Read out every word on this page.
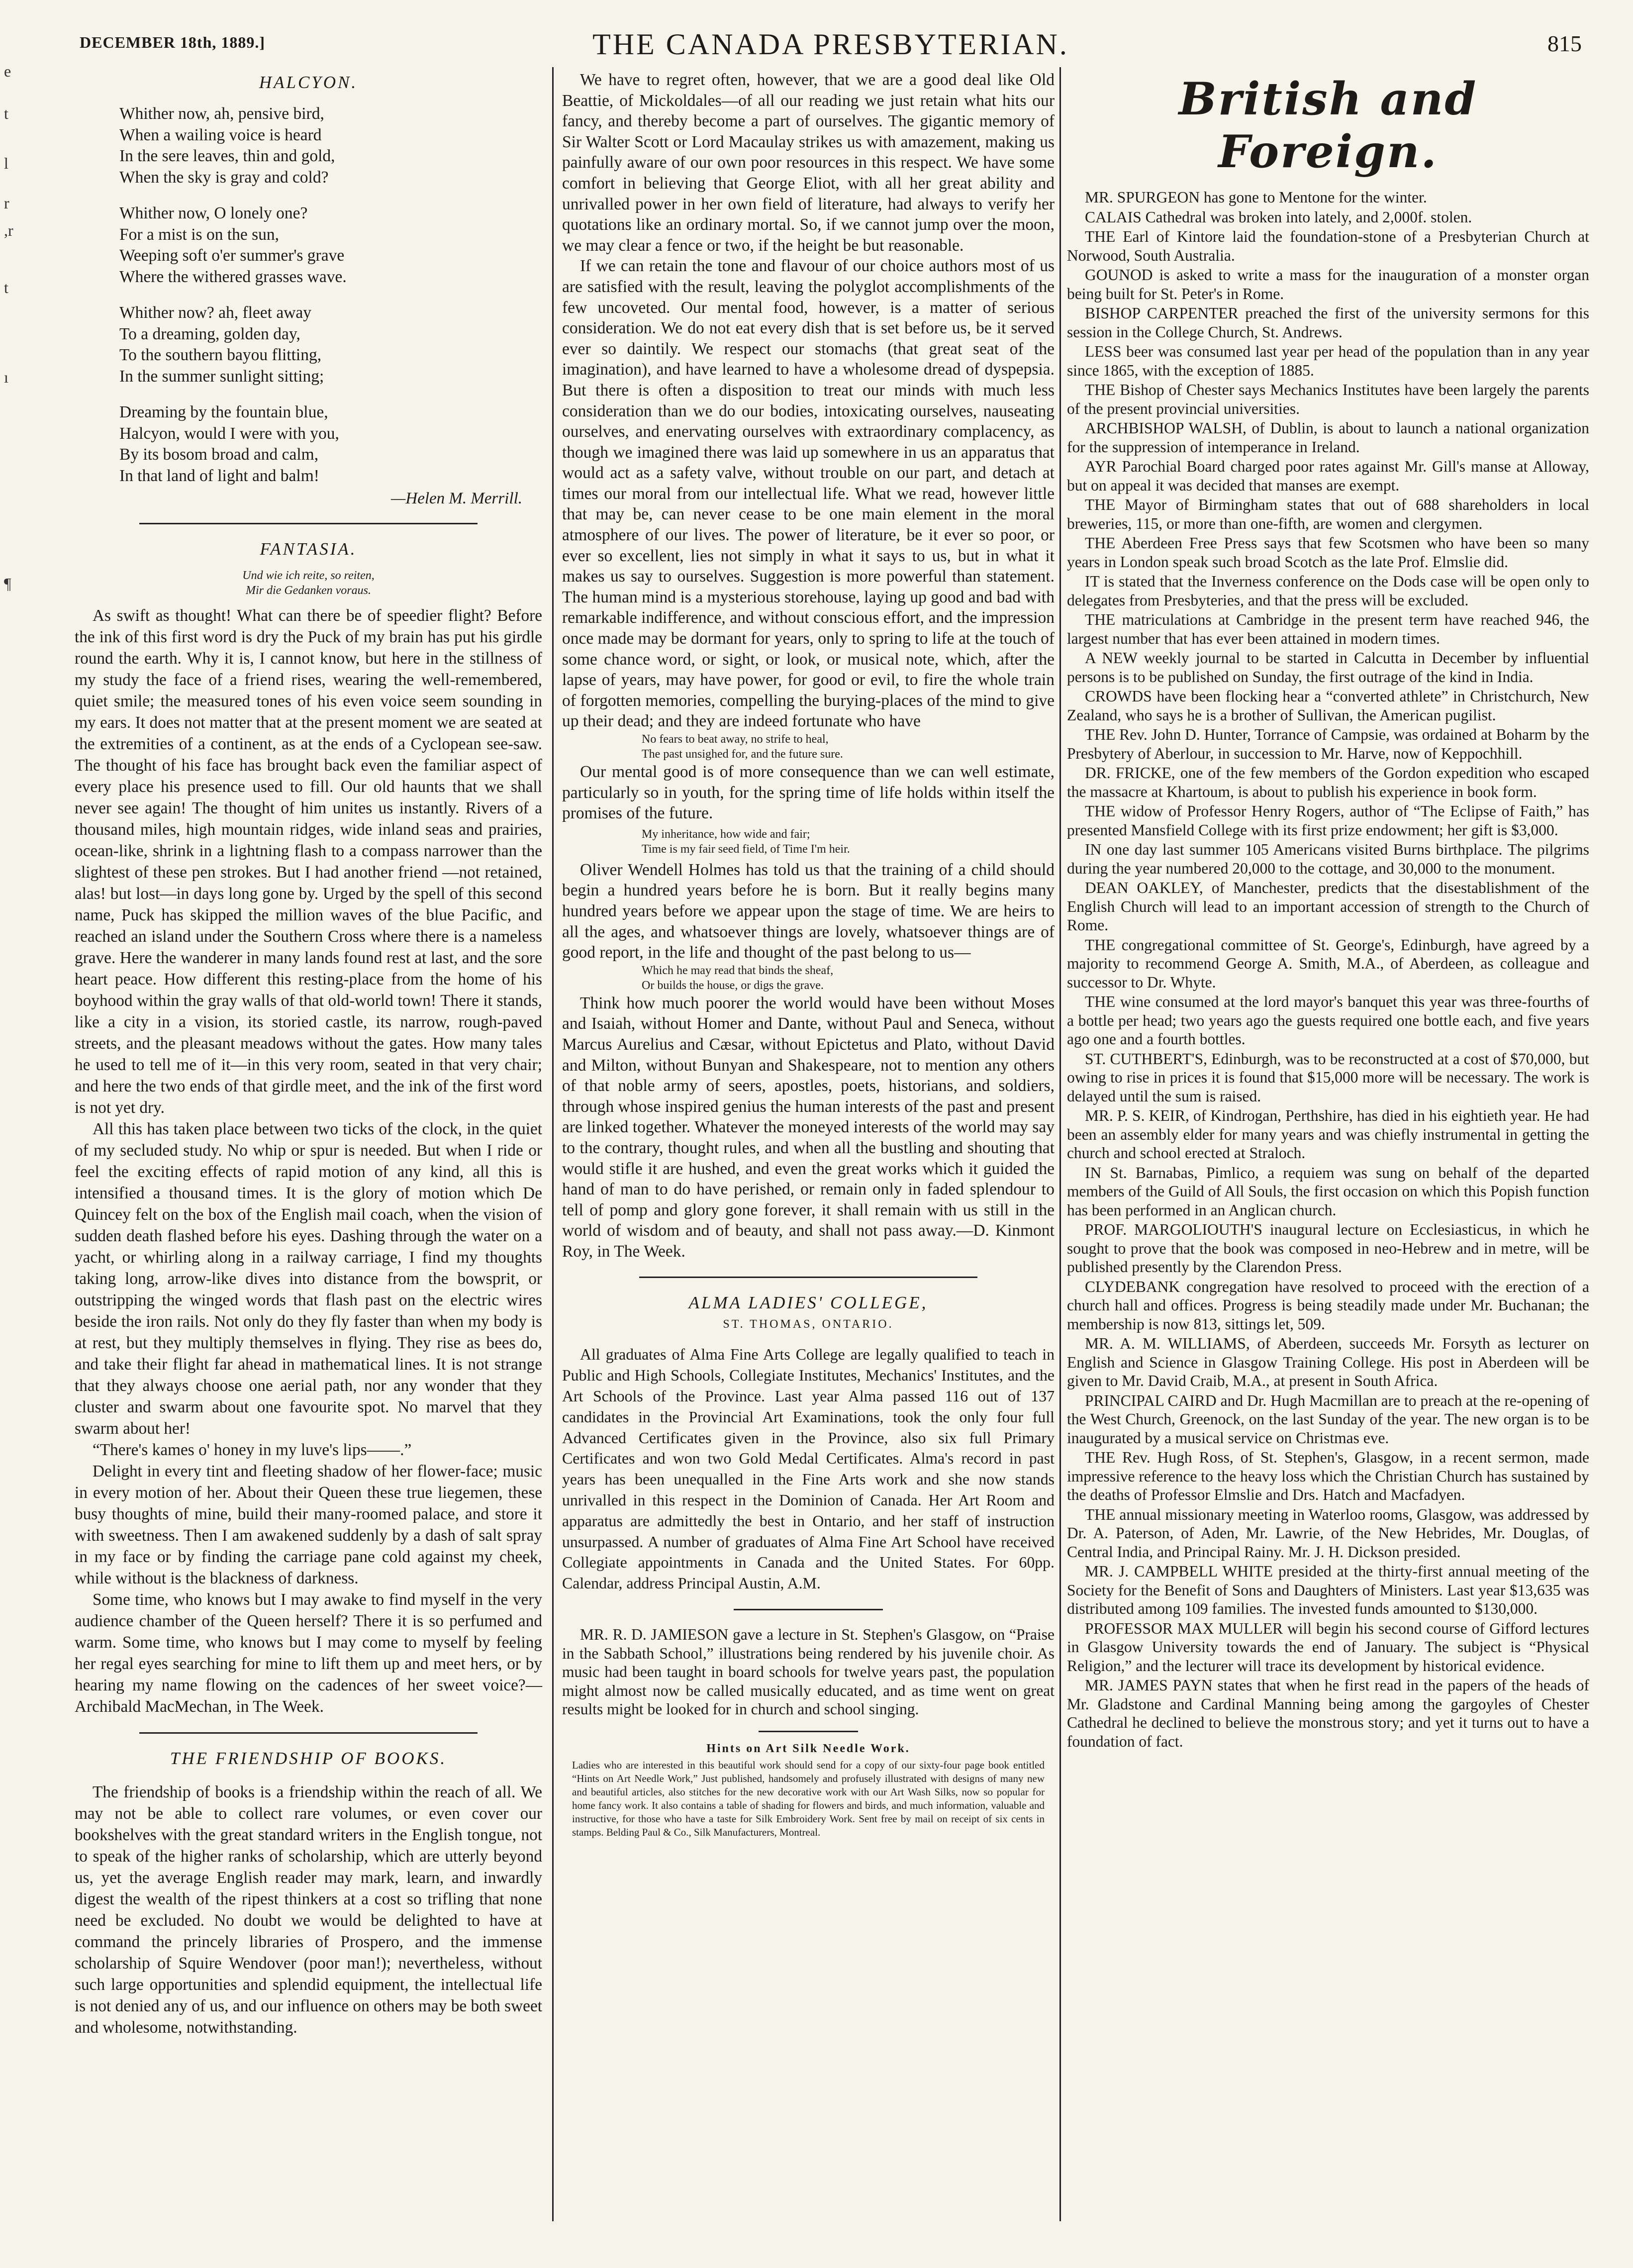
DECEMBER 18th, 1889.]	THE CANADA PRESBYTERIAN.	815
e
t
l
r
,r
t
ı
¶
HALCYON.
Whither now, ah, pensive bird,
When a wailing voice is heard
In the sere leaves, thin and gold,
When the sky is gray and cold?
Whither now, O lonely one?
For a mist is on the sun,
Weeping soft o'er summer's grave
Where the withered grasses wave.
Whither now? ah, fleet away
To a dreaming, golden day,
To the southern bayou flitting,
In the summer sunlight sitting;
Dreaming by the fountain blue,
Halcyon, would I were with you,
By its bosom broad and calm,
In that land of light and balm!
—Helen M. Merrill.
FANTASIA.
Und wie ich reite, so reiten,
Mir die Gedanken voraus.

As swift as thought! What can there be of speedier flight? Before the ink of this first word is dry the Puck of my brain has put his girdle round the earth. Why it is, I cannot know, but here in the stillness of my study the face of a friend rises, wearing the well-remembered, quiet smile; the measured tones of his even voice seem sounding in my ears. It does not matter that at the present moment we are seated at the extremities of a continent, as at the ends of a Cyclopean see-saw. The thought of his face has brought back even the familiar aspect of every place his presence used to fill. Our old haunts that we shall never see again! The thought of him unites us instantly. Rivers of a thousand miles, high mountain ridges, wide inland seas and prairies, ocean-like, shrink in a lightning flash to a compass narrower than the slightest of these pen strokes. But I had another friend —not retained, alas! but lost—in days long gone by. Urged by the spell of this second name, Puck has skipped the million waves of the blue Pacific, and reached an island under the Southern Cross where there is a nameless grave. Here the wanderer in many lands found rest at last, and the sore heart peace. How different this resting-place from the home of his boyhood within the gray walls of that old-world town! There it stands, like a city in a vision, its storied castle, its narrow, rough-paved streets, and the pleasant meadows without the gates. How many tales he used to tell me of it—in this very room, seated in that very chair; and here the two ends of that girdle meet, and the ink of the first word is not yet dry.

All this has taken place between two ticks of the clock, in the quiet of my secluded study. No whip or spur is needed. But when I ride or feel the exciting effects of rapid motion of any kind, all this is intensified a thousand times. It is the glory of motion which De Quincey felt on the box of the English mail coach, when the vision of sudden death flashed before his eyes. Dashing through the water on a yacht, or whirling along in a railway carriage, I find my thoughts taking long, arrow-like dives into distance from the bowsprit, or outstripping the winged words that flash past on the electric wires beside the iron rails. Not only do they fly faster than when my body is at rest, but they multiply themselves in flying. They rise as bees do, and take their flight far ahead in mathematical lines. It is not strange that they always choose one aerial path, nor any wonder that they cluster and swarm about one favourite spot. No marvel that they swarm about her!

“There's kames o' honey in my luve's lips——.”

Delight in every tint and fleeting shadow of her flower-face; music in every motion of her. About their Queen these true liegemen, these busy thoughts of mine, build their many-roomed palace, and store it with sweetness. Then I am awakened suddenly by a dash of salt spray in my face or by finding the carriage pane cold against my cheek, while without is the blackness of darkness.

Some time, who knows but I may awake to find myself in the very audience chamber of the Queen herself? There it is so perfumed and warm. Some time, who knows but I may come to myself by feeling her regal eyes searching for mine to lift them up and meet hers, or by hearing my name flowing on the cadences of her sweet voice?—Archibald MacMechan, in The Week.

THE FRIENDSHIP OF BOOKS.

The friendship of books is a friendship within the reach of all. We may not be able to collect rare volumes, or even cover our bookshelves with the great standard writers in the English tongue, not to speak of the higher ranks of scholarship, which are utterly beyond us, yet the average English reader may mark, learn, and inwardly digest the wealth of the ripest thinkers at a cost so trifling that none need be excluded. No doubt we would be delighted to have at command the princely libraries of Prospero, and the immense scholarship of Squire Wendover (poor man!); nevertheless, without such large opportunities and splendid equipment, the intellectual life is not denied any of us, and our influence on others may be both sweet and wholesome, notwithstanding.

We have to regret often, however, that we are a good deal like Old Beattie, of Mickoldales—of all our reading we just retain what hits our fancy, and thereby become a part of ourselves. The gigantic memory of Sir Walter Scott or Lord Macaulay strikes us with amazement, making us painfully aware of our own poor resources in this respect. We have some comfort in believing that George Eliot, with all her great ability and unrivalled power in her own field of literature, had always to verify her quotations like an ordinary mortal. So, if we cannot jump over the moon, we may clear a fence or two, if the height be but reasonable.

If we can retain the tone and flavour of our choice authors most of us are satisfied with the result, leaving the polyglot accomplishments of the few uncoveted. Our mental food, however, is a matter of serious consideration. We do not eat every dish that is set before us, be it served ever so daintily. We respect our stomachs (that great seat of the imagination), and have learned to have a wholesome dread of dyspepsia. But there is often a disposition to treat our minds with much less consideration than we do our bodies, intoxicating ourselves, nauseating ourselves, and enervating ourselves with extraordinary complacency, as though we imagined there was laid up somewhere in us an apparatus that would act as a safety valve, without trouble on our part, and detach at times our moral from our intellectual life. What we read, however little that may be, can never cease to be one main element in the moral atmosphere of our lives. The power of literature, be it ever so poor, or ever so excellent, lies not simply in what it says to us, but in what it makes us say to ourselves. Suggestion is more powerful than statement. The human mind is a mysterious storehouse, laying up good and bad with remarkable indifference, and without conscious effort, and the impression once made may be dormant for years, only to spring to life at the touch of some chance word, or sight, or look, or musical note, which, after the lapse of years, may have power, for good or evil, to fire the whole train of forgotten memories, compelling the burying-places of the mind to give up their dead; and they are indeed fortunate who have

No fears to beat away, no strife to heal,
The past unsighed for, and the future sure.

Our mental good is of more consequence than we can well estimate, particularly so in youth, for the spring time of life holds within itself the promises of the future.

My inheritance, how wide and fair;
Time is my fair seed field, of Time I'm heir.

Oliver Wendell Holmes has told us that the training of a child should begin a hundred years before he is born. But it really begins many hundred years before we appear upon the stage of time. We are heirs to all the ages, and whatsoever things are lovely, whatsoever things are of good report, in the life and thought of the past belong to us—

Which he may read that binds the sheaf,
Or builds the house, or digs the grave.

Think how much poorer the world would have been without Moses and Isaiah, without Homer and Dante, without Paul and Seneca, without Marcus Aurelius and Cæsar, without Epictetus and Plato, without David and Milton, without Bunyan and Shakespeare, not to mention any others of that noble army of seers, apostles, poets, historians, and soldiers, through whose inspired genius the human interests of the past and present are linked together. Whatever the moneyed interests of the world may say to the contrary, thought rules, and when all the bustling and shouting that would stifle it are hushed, and even the great works which it guided the hand of man to do have perished, or remain only in faded splendour to tell of pomp and glory gone forever, it shall remain with us still in the world of wisdom and of beauty, and shall not pass away.—D. Kinmont Roy, in The Week.

ALMA LADIES' COLLEGE,
ST. THOMAS, ONTARIO.

All graduates of Alma Fine Arts College are legally qualified to teach in Public and High Schools, Collegiate Institutes, Mechanics' Institutes, and the Art Schools of the Province. Last year Alma passed 116 out of 137 candidates in the Provincial Art Examinations, took the only four full Advanced Certificates given in the Province, also six full Primary Certificates and won two Gold Medal Certificates. Alma's record in past years has been unequalled in the Fine Arts work and she now stands unrivalled in this respect in the Dominion of Canada. Her Art Room and apparatus are admittedly the best in Ontario, and her staff of instruction unsurpassed. A number of graduates of Alma Fine Art School have received Collegiate appointments in Canada and the United States. For 60pp. Calendar, address Principal Austin, A.M.

MR. R. D. JAMIESON gave a lecture in St. Stephen's Glasgow, on “Praise in the Sabbath School,” illustrations being rendered by his juvenile choir. As music had been taught in board schools for twelve years past, the population might almost now be called musically educated, and as time went on great results might be looked for in church and school singing.

Hints on Art Silk Needle Work.

Ladies who are interested in this beautiful work should send for a copy of our sixty-four page book entitled “Hints on Art Needle Work,” Just published, handsomely and profusely illustrated with designs of many new and beautiful articles, also stitches for the new decorative work with our Art Wash Silks, now so popular for home fancy work. It also contains a table of shading for flowers and birds, and much information, valuable and instructive, for those who have a taste for Silk Embroidery Work. Sent free by mail on receipt of six cents in stamps. Belding Paul & Co., Silk Manufacturers, Montreal.

British and Foreign.

MR. SPURGEON has gone to Mentone for the winter.

CALAIS Cathedral was broken into lately, and 2,000f. stolen.

THE Earl of Kintore laid the foundation-stone of a Presbyterian Church at Norwood, South Australia.

GOUNOD is asked to write a mass for the inauguration of a monster organ being built for St. Peter's in Rome.

BISHOP CARPENTER preached the first of the university sermons for this session in the College Church, St. Andrews.

LESS beer was consumed last year per head of the population than in any year since 1865, with the exception of 1885.

THE Bishop of Chester says Mechanics Institutes have been largely the parents of the present provincial universities.

ARCHBISHOP WALSH, of Dublin, is about to launch a national organization for the suppression of intemperance in Ireland.

AYR Parochial Board charged poor rates against Mr. Gill's manse at Alloway, but on appeal it was decided that manses are exempt.

THE Mayor of Birmingham states that out of 688 shareholders in local breweries, 115, or more than one-fifth, are women and clergymen.

THE Aberdeen Free Press says that few Scotsmen who have been so many years in London speak such broad Scotch as the late Prof. Elmslie did.

IT is stated that the Inverness conference on the Dods case will be open only to delegates from Presbyteries, and that the press will be excluded.

THE matriculations at Cambridge in the present term have reached 946, the largest number that has ever been attained in modern times.

A NEW weekly journal to be started in Calcutta in December by influential persons is to be published on Sunday, the first outrage of the kind in India.

CROWDS have been flocking hear a “converted athlete” in Christchurch, New Zealand, who says he is a brother of Sullivan, the American pugilist.

THE Rev. John D. Hunter, Torrance of Campsie, was ordained at Boharm by the Presbytery of Aberlour, in succession to Mr. Harve, now of Keppochhill.

DR. FRICKE, one of the few members of the Gordon expedition who escaped the massacre at Khartoum, is about to publish his experience in book form.

THE widow of Professor Henry Rogers, author of “The Eclipse of Faith,” has presented Mansfield College with its first prize endowment; her gift is $3,000.

IN one day last summer 105 Americans visited Burns birthplace. The pilgrims during the year numbered 20,000 to the cottage, and 30,000 to the monument.

DEAN OAKLEY, of Manchester, predicts that the disestablishment of the English Church will lead to an important accession of strength to the Church of Rome.

THE congregational committee of St. George's, Edinburgh, have agreed by a majority to recommend George A. Smith, M.A., of Aberdeen, as colleague and successor to Dr. Whyte.

THE wine consumed at the lord mayor's banquet this year was three-fourths of a bottle per head; two years ago the guests required one bottle each, and five years ago one and a fourth bottles.

ST. CUTHBERT'S, Edinburgh, was to be reconstructed at a cost of $70,000, but owing to rise in prices it is found that $15,000 more will be necessary. The work is delayed until the sum is raised.

MR. P. S. KEIR, of Kindrogan, Perthshire, has died in his eightieth year. He had been an assembly elder for many years and was chiefly instrumental in getting the church and school erected at Straloch.

IN St. Barnabas, Pimlico, a requiem was sung on behalf of the departed members of the Guild of All Souls, the first occasion on which this Popish function has been performed in an Anglican church.

PROF. MARGOLIOUTH'S inaugural lecture on Ecclesiasticus, in which he sought to prove that the book was composed in neo-Hebrew and in metre, will be published presently by the Clarendon Press.

CLYDEBANK congregation have resolved to proceed with the erection of a church hall and offices. Progress is being steadily made under Mr. Buchanan; the membership is now 813, sittings let, 509.

MR. A. M. WILLIAMS, of Aberdeen, succeeds Mr. Forsyth as lecturer on English and Science in Glasgow Training College. His post in Aberdeen will be given to Mr. David Craib, M.A., at present in South Africa.

PRINCIPAL CAIRD and Dr. Hugh Macmillan are to preach at the re-opening of the West Church, Greenock, on the last Sunday of the year. The new organ is to be inaugurated by a musical service on Christmas eve.

THE Rev. Hugh Ross, of St. Stephen's, Glasgow, in a recent sermon, made impressive reference to the heavy loss which the Christian Church has sustained by the deaths of Professor Elmslie and Drs. Hatch and Macfadyen.

THE annual missionary meeting in Waterloo rooms, Glasgow, was addressed by Dr. A. Paterson, of Aden, Mr. Lawrie, of the New Hebrides, Mr. Douglas, of Central India, and Principal Rainy. Mr. J. H. Dickson presided.

MR. J. CAMPBELL WHITE presided at the thirty-first annual meeting of the Society for the Benefit of Sons and Daughters of Ministers. Last year $13,635 was distributed among 109 families. The invested funds amounted to $130,000.

PROFESSOR MAX MULLER will begin his second course of Gifford lectures in Glasgow University towards the end of January. The subject is “Physical Religion,” and the lecturer will trace its development by historical evidence.

MR. JAMES PAYN states that when he first read in the papers of the heads of Mr. Gladstone and Cardinal Manning being among the gargoyles of Chester Cathedral he declined to believe the monstrous story; and yet it turns out to have a foundation of fact.
